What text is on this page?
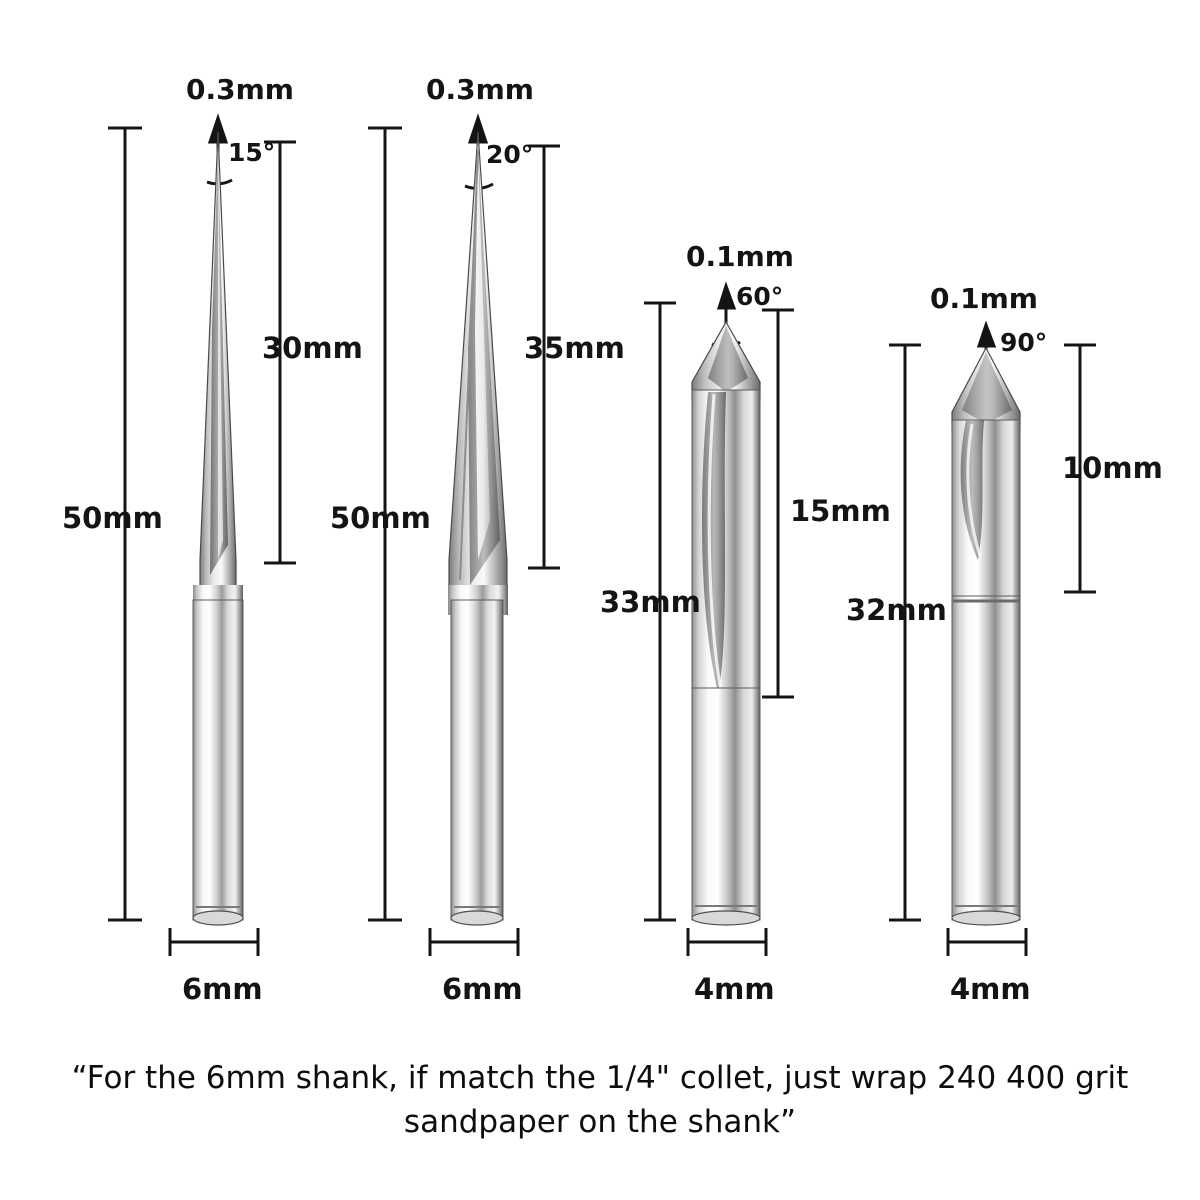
0.3mm
15°
30mm
50mm
6mm
0.3mm
20°
35mm
50mm
6mm
0.1mm
60°
15mm
33mm
4mm
0.1mm
90°
10mm
32mm
4mm
“For the 6mm shank, if match the 1/4" collet, just wrap 240 400 grit sandpaper on the shank”
